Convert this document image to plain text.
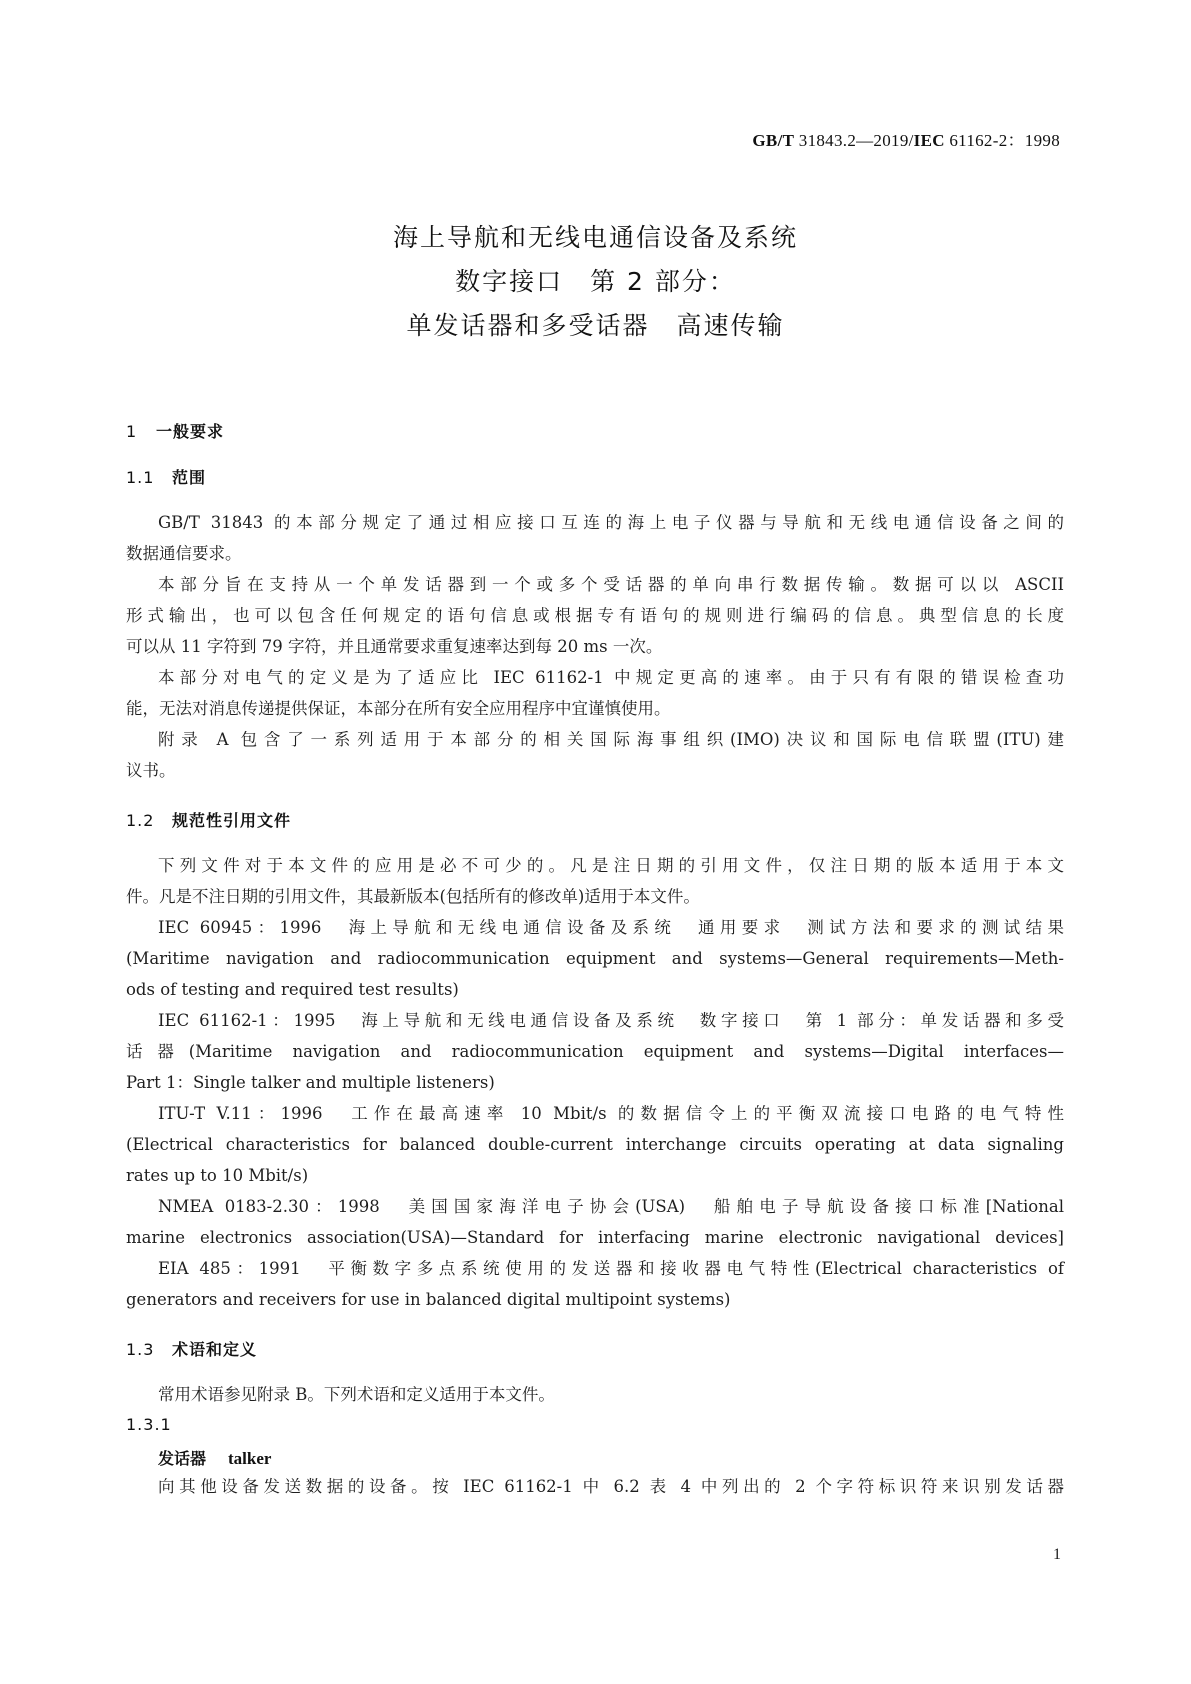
GB/T 31843.2—2019/IEC 61162-2：1998
海上导航和无线电通信设备及系统
数字接口　第 2 部分：
单发话器和多受话器　高速传输
1 一般要求
1.1 范围
GB/T 31843 的本部分规定了通过相应接口互连的海上电子仪器与导航和无线电通信设备之间的
数据通信要求。
本部分旨在支持从一个单发话器到一个或多个受话器的单向串行数据传输。数据可以以 ASCII
形式输出，也可以包含任何规定的语句信息或根据专有语句的规则进行编码的信息。典型信息的长度
可以从 11 字符到 79 字符，并且通常要求重复速率达到每 20 ms 一次。
本部分对电气的定义是为了适应比 IEC 61162-1 中规定更高的速率。由于只有有限的错误检查功
能，无法对消息传递提供保证，本部分在所有安全应用程序中宜谨慎使用。
附录 A 包含了一系列适用于本部分的相关国际海事组织(IMO)决议和国际电信联盟(ITU)建
议书。
1.2 规范性引用文件
下列文件对于本文件的应用是必不可少的。凡是注日期的引用文件，仅注日期的版本适用于本文
件。凡是不注日期的引用文件，其最新版本(包括所有的修改单)适用于本文件。
IEC 60945：1996　海上导航和无线电通信设备及系统　通用要求　测试方法和要求的测试结果
(Maritime navigation and radiocommunication equipment and systems—General requirements—Meth-
ods of testing and required test results)
IEC 61162-1：1995　海上导航和无线电通信设备及系统　数字接口　第 1 部分：单发话器和多受
话器(Maritime navigation and radiocommunication equipment and systems—Digital interfaces—
Part 1：Single talker and multiple listeners)
ITU-T V.11：1996　工作在最高速率 10 Mbit/s 的数据信令上的平衡双流接口电路的电气特性
(Electrical characteristics for balanced double-current interchange circuits operating at data signaling
rates up to 10 Mbit/s)
NMEA 0183-2.30：1998　美国国家海洋电子协会(USA)　船舶电子导航设备接口标准[National
marine electronics association(USA)—Standard for interfacing marine electronic navigational devices]
EIA 485：1991　平衡数字多点系统使用的发送器和接收器电气特性(Electrical characteristics of
generators and receivers for use in balanced digital multipoint systems)
1.3 术语和定义
常用术语参见附录 B。下列术语和定义适用于本文件。
1.3.1
发话器 talker
向其他设备发送数据的设备。按 IEC 61162-1 中 6.2 表 4 中列出的 2 个字符标识符来识别发话器
1
